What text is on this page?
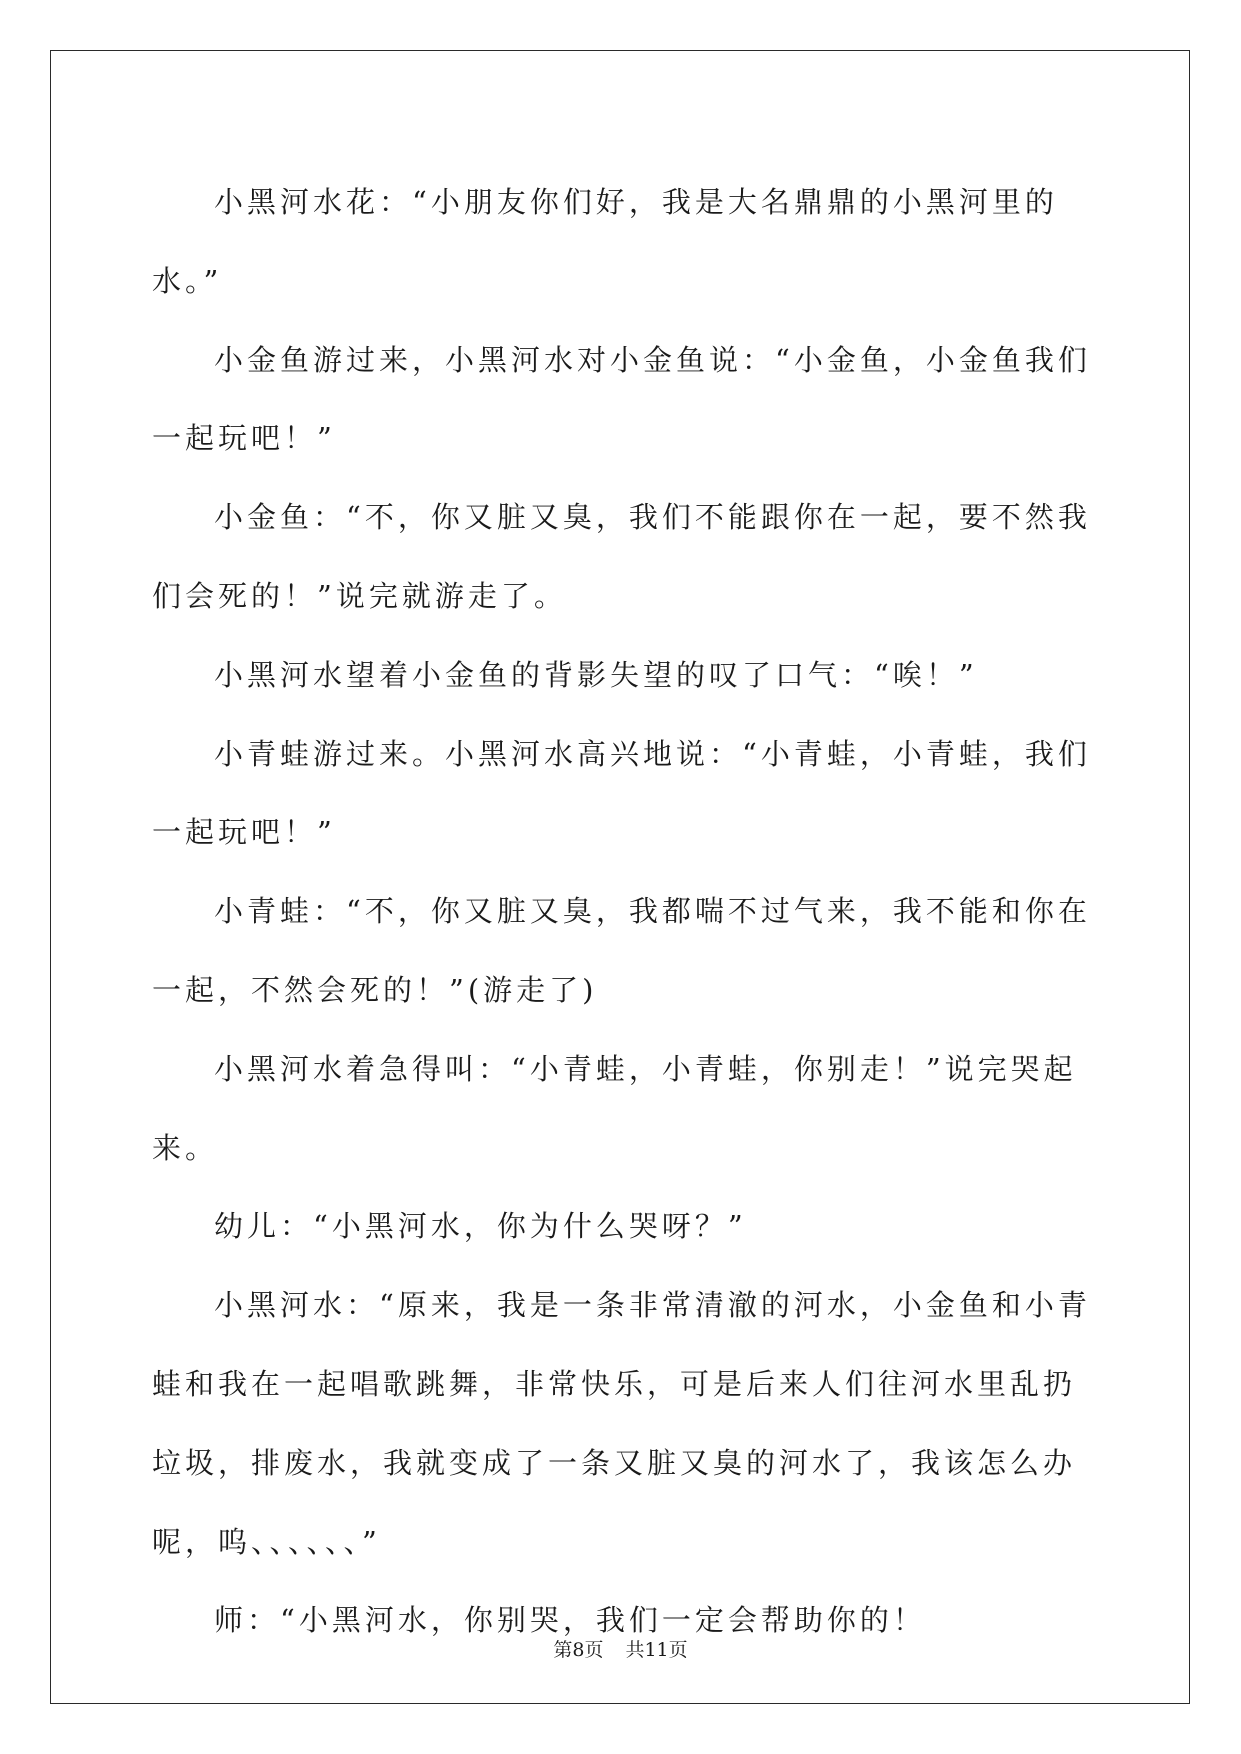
小黑河水花：“小朋友你们好，我是大名鼎鼎的小黑河里的水。”

小金鱼游过来，小黑河水对小金鱼说：“小金鱼，小金鱼我们一起玩吧！”

小金鱼：“不，你又脏又臭，我们不能跟你在一起，要不然我们会死的！”说完就游走了。

小黑河水望着小金鱼的背影失望的叹了口气：“唉！”

小青蛙游过来。小黑河水高兴地说：“小青蛙，小青蛙，我们一起玩吧！”

小青蛙：“不，你又脏又臭，我都喘不过气来，我不能和你在一起，不然会死的！”(游走了)

小黑河水着急得叫：“小青蛙，小青蛙，你别走！”说完哭起来。

幼儿：“小黑河水，你为什么哭呀？”

小黑河水：“原来，我是一条非常清澈的河水，小金鱼和小青蛙和我在一起唱歌跳舞，非常快乐，可是后来人们往河水里乱扔垃圾，排废水，我就变成了一条又脏又臭的河水了，我该怎么办呢，呜、、、、、、”

师：“小黑河水，你别哭，我们一定会帮助你的！

第8页 共11页
